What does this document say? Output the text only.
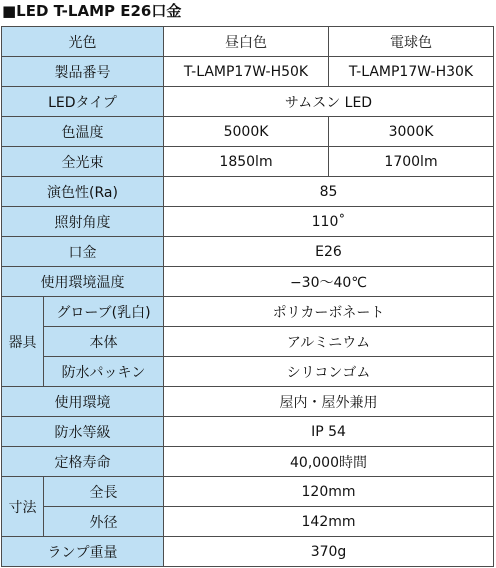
■LED T-LAMP E26口金
光色		昼白色	電球色
製品番号		T-LAMP17W-H50K	T-LAMP17W-H30K
LEDタイプ		サムスン LED	
色温度		5000K	3000K
全光束		1850lm	1700lm
演色性(Ra)		85	
照射角度		110˚	
口金		E26	
使用環境温度		−30〜40℃	
器具	グローブ(乳白)	ポリカーボネート	
	本体	アルミニウム	
	防水パッキン	シリコンゴム	
使用環境		屋内・屋外兼用	
防水等級		IP 54	
定格寿命		40,000時間	
寸法	全長	120mm	
	外径	142mm	
ランプ重量		370g	
